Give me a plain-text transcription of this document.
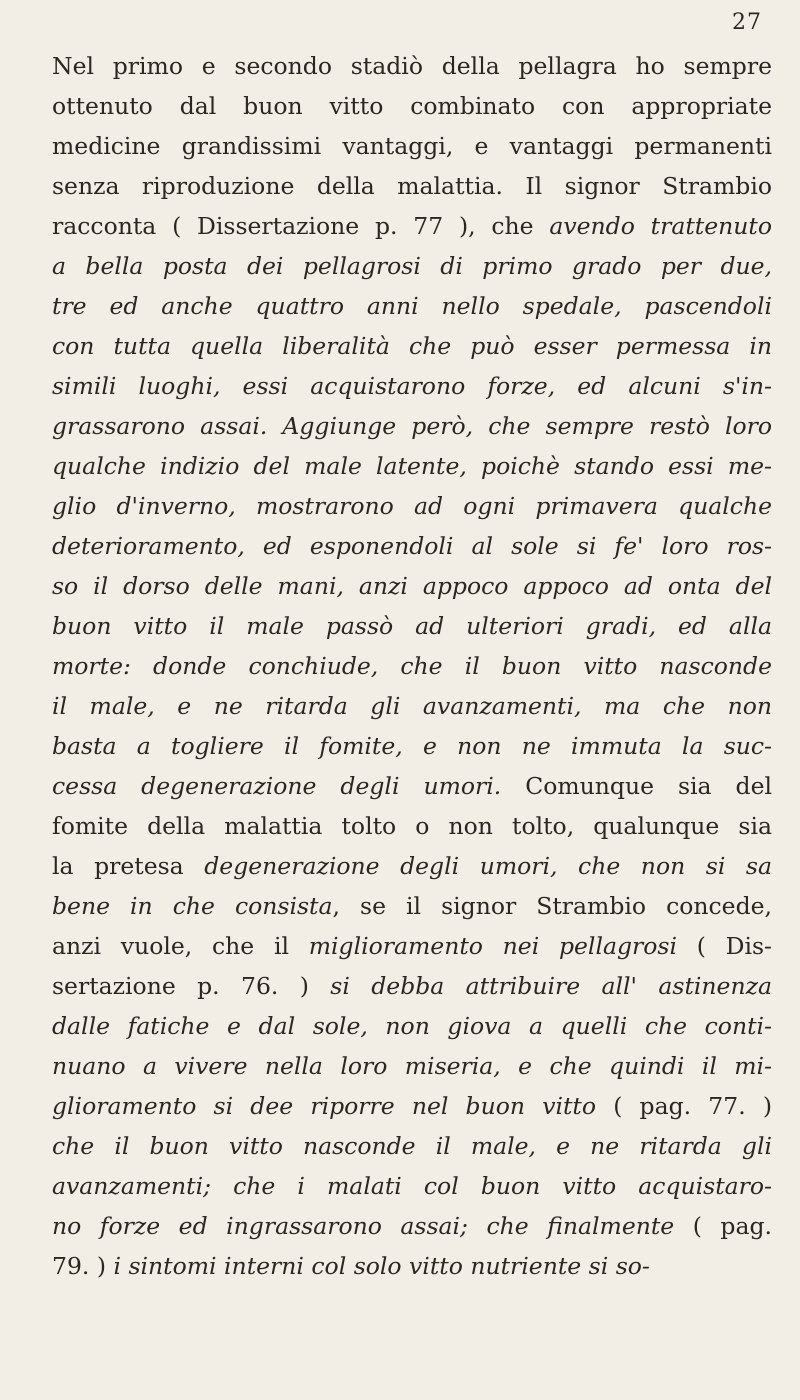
27
Nel primo e secondo stadiò della pellagra ho sempre
ottenuto dal buon vitto combinato con appropriate
medicine grandissimi vantaggi, e vantaggi permanenti
senza riproduzione della malattia. Il signor Strambio
racconta ( Dissertazione p. 77 ), che avendo trattenuto
a bella posta dei pellagrosi di primo grado per due,
tre ed anche quattro anni nello spedale, pascendoli
con tutta quella liberalità che può esser permessa in
simili luoghi, essi acquistarono forze, ed alcuni s'in-
grassarono assai. Aggiunge però, che sempre restò loro
qualche indizio del male latente, poichè stando essi me-
glio d'inverno, mostrarono ad ogni primavera qualche
deterioramento, ed esponendoli al sole si fe' loro ros-
so il dorso delle mani, anzi appoco appoco ad onta del
buon vitto il male passò ad ulteriori gradi, ed alla
morte: donde conchiude, che il buon vitto nasconde
il male, e ne ritarda gli avanzamenti, ma che non
basta a togliere il fomite, e non ne immuta la suc-
cessa degenerazione degli umori. Comunque sia del
fomite della malattia tolto o non tolto, qualunque sia
la pretesa degenerazione degli umori, che non si sa
bene in che consista, se il signor Strambio concede,
anzi vuole, che il miglioramento nei pellagrosi ( Dis-
sertazione p. 76. ) si debba attribuire all' astinenza
dalle fatiche e dal sole, non giova a quelli che conti-
nuano a vivere nella loro miseria, e che quindi il mi-
glioramento si dee riporre nel buon vitto ( pag. 77. )
che il buon vitto nasconde il male, e ne ritarda gli
avanzamenti; che i malati col buon vitto acquistaro-
no forze ed ingrassarono assai; che finalmente ( pag.
79. ) i sintomi interni col solo vitto nutriente si so-
